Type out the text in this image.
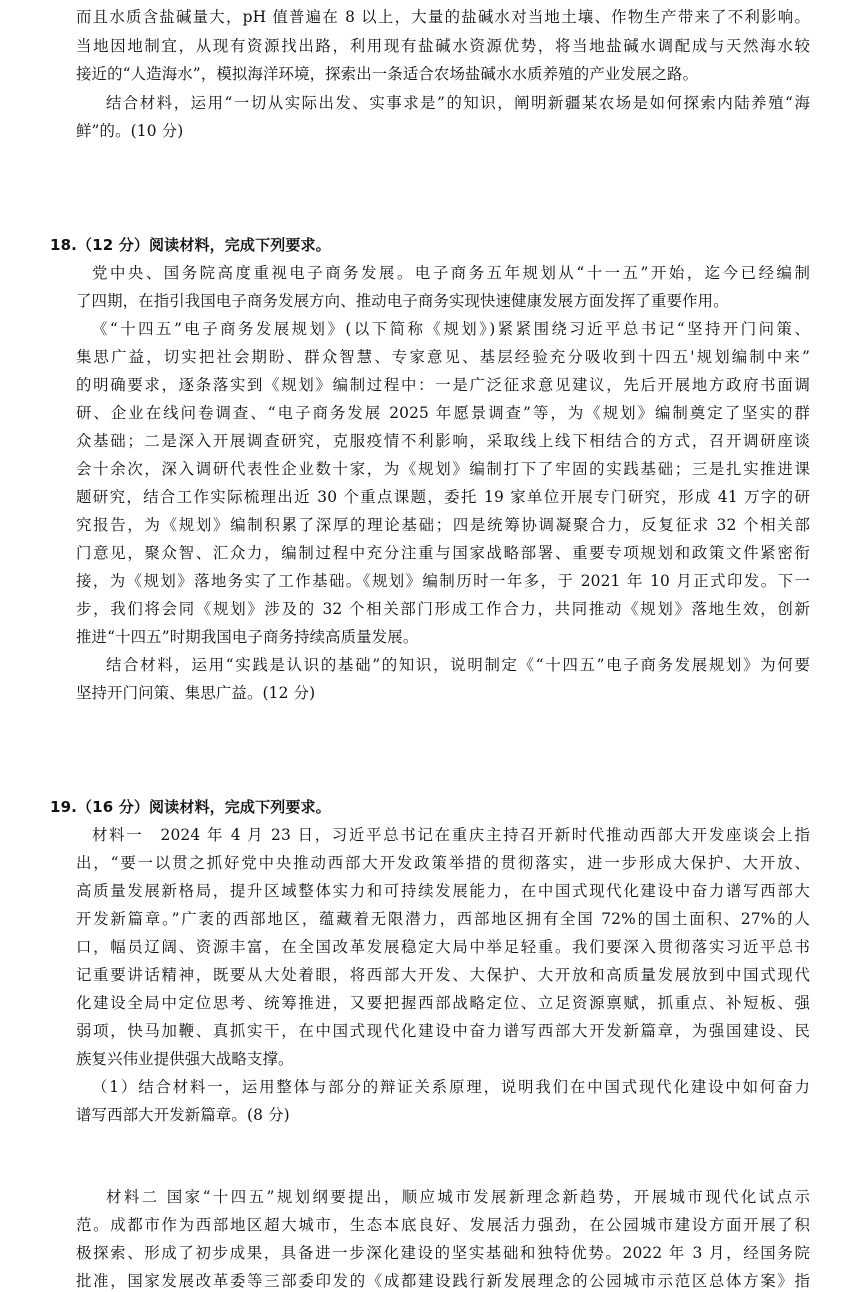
而且水质含盐碱量大，pH 值普遍在 8 以上，大量的盐碱水对当地土壤、作物生产带来了不利影响。
当地因地制宜，从现有资源找出路，利用现有盐碱水资源优势，将当地盐碱水调配成与天然海水较
接近的“人造海水”，模拟海洋环境，探索出一条适合农场盐碱水水质养殖的产业发展之路。
结合材料，运用“一切从实际出发、实事求是”的知识，阐明新疆某农场是如何探索内陆养殖“海
鲜”的。(10 分)
18.（12 分）阅读材料，完成下列要求。
党中央、国务院高度重视电子商务发展。电子商务五年规划从“十一五”开始，迄今已经编制
了四期，在指引我国电子商务发展方向、推动电子商务实现快速健康发展方面发挥了重要作用。
《“十四五”电子商务发展规划》(以下简称《规划》)紧紧围绕习近平总书记“坚持开门问策、
集思广益，切实把社会期盼、群众智慧、专家意见、基层经验充分吸收到十四五'规划编制中来”
的明确要求，逐条落实到《规划》编制过程中：一是广泛征求意见建议，先后开展地方政府书面调
研、企业在线问卷调查、“电子商务发展 2025 年愿景调查”等，为《规划》编制奠定了坚实的群
众基础；二是深入开展调查研究，克服疫情不利影响，采取线上线下相结合的方式，召开调研座谈
会十余次，深入调研代表性企业数十家，为《规划》编制打下了牢固的实践基础；三是扎实推进课
题研究，结合工作实际梳理出近 30 个重点课题，委托 19 家单位开展专门研究，形成 41 万字的研
究报告，为《规划》编制积累了深厚的理论基础；四是统筹协调凝聚合力，反复征求 32 个相关部
门意见，聚众智、汇众力，编制过程中充分注重与国家战略部署、重要专项规划和政策文件紧密衔
接，为《规划》落地务实了工作基础。《规划》编制历时一年多，于 2021 年 10 月正式印发。下一
步，我们将会同《规划》涉及的 32 个相关部门形成工作合力，共同推动《规划》落地生效，创新
推进“十四五”时期我国电子商务持续高质量发展。
结合材料，运用“实践是认识的基础”的知识，说明制定《“十四五”电子商务发展规划》为何要
坚持开门问策、集思广益。(12 分)
19.（16 分）阅读材料，完成下列要求。
材料一　2024 年 4 月 23 日，习近平总书记在重庆主持召开新时代推动西部大开发座谈会上指
出，“要一以贯之抓好党中央推动西部大开发政策举措的贯彻落实，进一步形成大保护、大开放、
高质量发展新格局，提升区域整体实力和可持续发展能力，在中国式现代化建设中奋力谱写西部大
开发新篇章。”广袤的西部地区，蕴藏着无限潜力，西部地区拥有全国 72%的国土面积、27%的人
口，幅员辽阔、资源丰富，在全国改革发展稳定大局中举足轻重。我们要深入贯彻落实习近平总书
记重要讲话精神，既要从大处着眼，将西部大开发、大保护、大开放和高质量发展放到中国式现代
化建设全局中定位思考、统筹推进，又要把握西部战略定位、立足资源禀赋，抓重点、补短板、强
弱项，快马加鞭、真抓实干，在中国式现代化建设中奋力谱写西部大开发新篇章，为强国建设、民
族复兴伟业提供强大战略支撑。
（1）结合材料一，运用整体与部分的辩证关系原理，说明我们在中国式现代化建设中如何奋力
谱写西部大开发新篇章。(8 分)
材料二 国家“十四五”规划纲要提出，顺应城市发展新理念新趋势，开展城市现代化试点示
范。成都市作为西部地区超大城市，生态本底良好、发展活力强劲，在公园城市建设方面开展了积
极探索、形成了初步成果，具备进一步深化建设的坚实基础和独特优势。2022 年 3 月，经国务院
批准，国家发展改革委等三部委印发的《成都建设践行新发展理念的公园城市示范区总体方案》指
